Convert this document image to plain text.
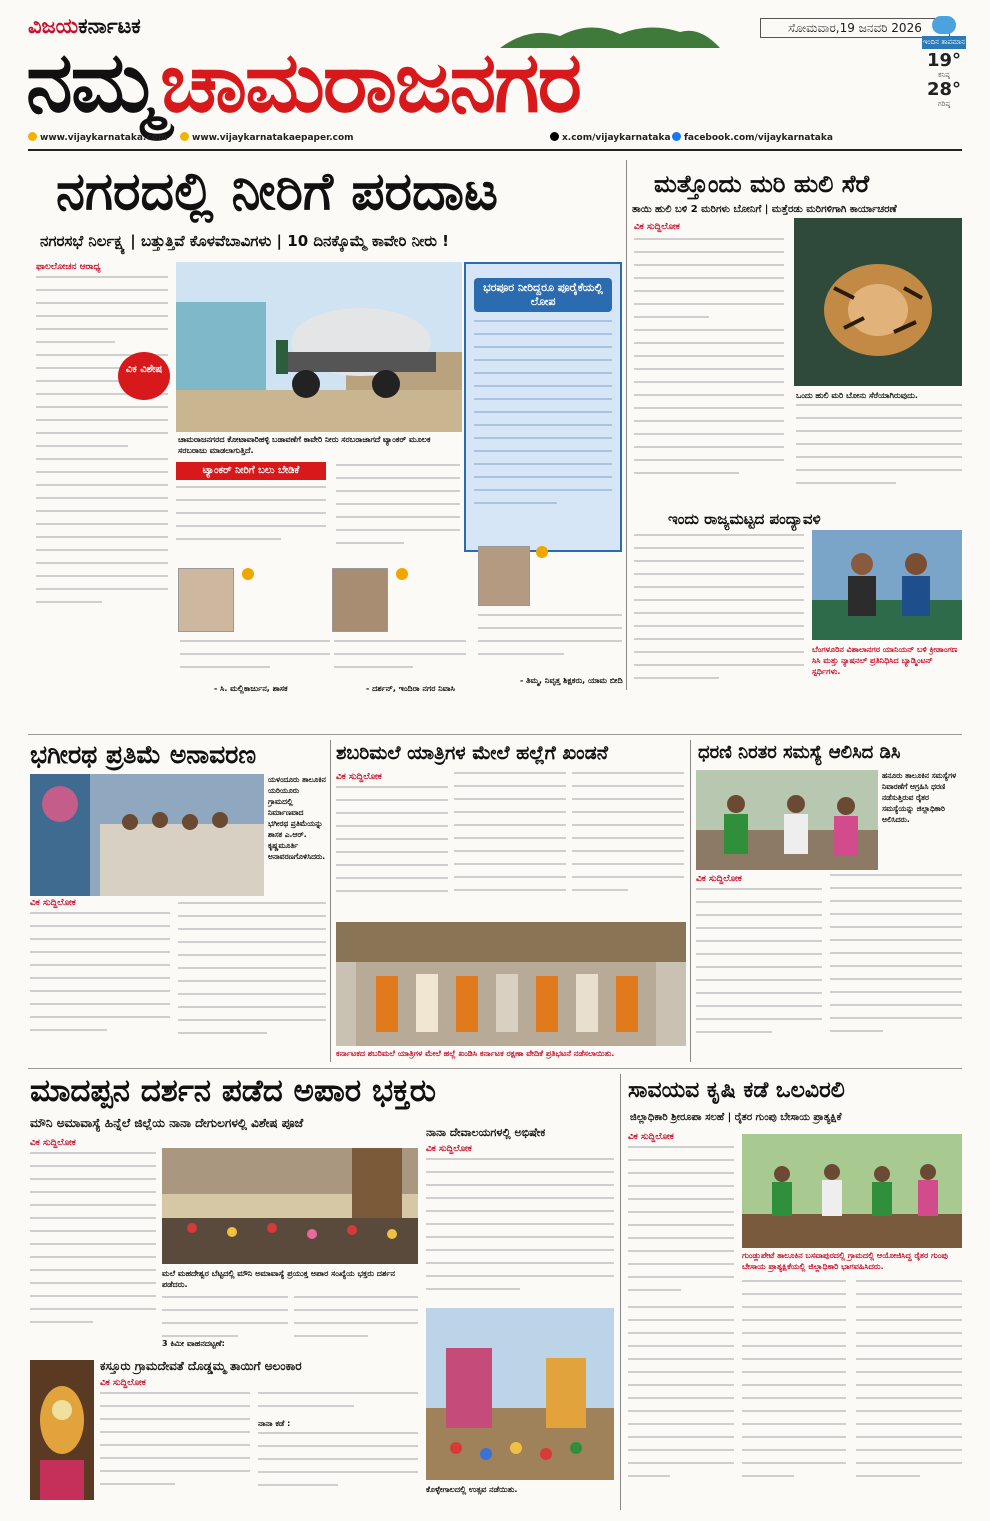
ವಿಜಯಕರ್ನಾಟಕ
ನಮ್ಮಚಾಮರಾಜನಗರ
ಸೋಮವಾರ,19 ಜನವರಿ 2026
ಇಂದಿನ ತಾಪಮಾನ
19°
ಕನಿಷ್ಠ
28°
ಗರಿಷ್ಠ
www.vijaykarnataka.com	www.vijaykarnatakaepaper.com	x.com/vijaykarnataka	facebook.com/vijaykarnataka
ನಗರದಲ್ಲಿ ನೀರಿಗೆ ಪರದಾಟ
ನಗರಸಭೆ ನಿರ್ಲಕ್ಷ್ಯ | ಬತ್ತುತ್ತಿವೆ ಕೊಳವೆಬಾವಿಗಳು | 10 ದಿನಕ್ಕೊಮ್ಮೆ ಕಾವೇರಿ ನೀರು !
ಫಾಲಲೋಚನ ಆರಾಧ್ಯ
ವಿಕ ವಿಶೇಷ
ಚಾಮರಾಜನಗರದ ಕೋಟಾವಾರಿಹಳ್ಳಿ ಬಡಾವಣೆಗೆ ಕಾವೇರಿ ನೀರು ಸರಬರಾಜಾಗದೆ ಟ್ಯಾಂಕರ್ ಮೂಲಕ ಸರಬರಾಜು ಮಾಡಲಾಗುತ್ತಿದೆ.
ಭರಪೂರ ನೀರಿದ್ದರೂ ಪೂರೈಕೆಯಲ್ಲಿ ಲೋಪ
ಟ್ಯಾಂಕರ್ ನೀರಿಗೆ ಬಲು ಬೇಡಿಕೆ
- ಸಿ. ಮಲ್ಲಿಕಾರ್ಜುನ, ಶಾಸಕ	- ದರ್ಶನ್, ಇಂದಿರಾ ನಗರ ನಿವಾಸಿ
- ತಿಮ್ಮ, ನಿವೃತ್ತ ಶಿಕ್ಷಕರು, ಯಾಮ ಬೀದಿ
ಮತ್ತೊಂದು ಮರಿ ಹುಲಿ ಸೆರೆ
ತಾಯಿ ಹುಲಿ ಬಳಿ 2 ಮರಿಗಳು ಬೋನಿಗೆ | ಮತ್ತೆರಡು ಮರಿಗಳಿಗಾಗಿ ಕಾರ್ಯಾಚರಣೆ
ವಿಕ ಸುದ್ದಿಲೋಕ
ಒಂದು ಹುಲಿ ಮರಿ ಬೋನು ಸೆರೆಯಾಗಿರುವುದು.
ಇಂದು ರಾಜ್ಯಮಟ್ಟದ ಪಂದ್ಯಾವಳಿ
ಬೆಂಗಳೂರಿನ ವಿಶಾಲಾನಗರ ಯಾನಿಯನ್ ಬಳಿ ಕ್ರೀಡಾಂಗಣ ಸಿಸಿ ಮತ್ತು ನ್ಯಾಷನಲ್ ಪ್ರತಿನಿಧಿಸಿದ ಬ್ಯಾಡ್ಮಿಂಟನ್ ಸ್ಪರ್ಧಿಗಳು.
ಭಗೀರಥ ಪ್ರತಿಮೆ ಅನಾವರಣ
ಯಳಂದೂರು ತಾಲೂಕಿನ ಯರಿಯೂರು ಗ್ರಾಮದಲ್ಲಿ ನಿರ್ಮಾಣವಾದ ಭಗೀರಥ ಪ್ರತಿಮೆಯನ್ನು ಶಾಸಕ ಎ.ಆರ್. ಕೃಷ್ಣಮೂರ್ತಿ ಅನಾವರಣಗೊಳಿಸಿದರು.
ವಿಕ ಸುದ್ದಿಲೋಕ
ಶಬರಿಮಲೆ ಯಾತ್ರಿಗಳ ಮೇಲೆ ಹಲ್ಲೆಗೆ ಖಂಡನೆ
ವಿಕ ಸುದ್ದಿಲೋಕ
ಕರ್ನಾಟಕದ ಶಬರಿಮಲೆ ಯಾತ್ರಿಗಳ ಮೇಲೆ ಹಲ್ಲೆ ಖಂಡಿಸಿ ಕರ್ನಾಟಕ ರಕ್ಷಣಾ ವೇದಿಕೆ ಪ್ರತಿಭಟನೆ ನಡೆಸಲಾಯಿತು.
ಧರಣಿ ನಿರತರ ಸಮಸ್ಯೆ ಆಲಿಸಿದ ಡಿಸಿ
ಹನೂರು ತಾಲೂಕಿನ ಸಮಸ್ಯೆಗಳ ನಿವಾರಣೆಗೆ ಆಗ್ರಹಿಸಿ ಧರಣಿ ನಡೆಸುತ್ತಿರುವ ರೈತರ ಸಮಸ್ಯೆಯನ್ನು ಜಿಲ್ಲಾಧಿಕಾರಿ ಆಲಿಸಿದರು.
ವಿಕ ಸುದ್ದಿಲೋಕ
ಮಾದಪ್ಪನ ದರ್ಶನ ಪಡೆದ ಅಪಾರ ಭಕ್ತರು
ಮೌನಿ ಅಮಾವಾಸ್ಯೆ ಹಿನ್ನೆಲೆ ಜಿಲ್ಲೆಯ ನಾನಾ ದೇಗುಲಗಳಲ್ಲಿ ವಿಶೇಷ ಪೂಜೆ
ವಿಕ ಸುದ್ದಿಲೋಕ
ಮಲೆ ಮಹದೇಶ್ವರ ಬೆಟ್ಟದಲ್ಲಿ ಮೌನಿ ಅಮಾವಾಸ್ಯೆ ಪ್ರಯುಕ್ತ ಅಪಾರ ಸಂಖ್ಯೆಯ ಭಕ್ತರು ದರ್ಶನ ಪಡೆದರು.
3 ಕಿಮೀ ವಾಹನದಟ್ಟಣೆ:
ನಾನಾ ದೇವಾಲಯಗಳಲ್ಲಿ ಅಭಿಷೇಕ
ವಿಕ ಸುದ್ದಿಲೋಕ
ಕೊಳ್ಳೇಗಾಲದಲ್ಲಿ ಉತ್ಸವ ನಡೆಯಿತು.
ಕಸ್ತೂರು ಗ್ರಾಮದೇವತೆ ದೊಡ್ಡಮ್ಮ ತಾಯಿಗೆ ಅಲಂಕಾರ
ವಿಕ ಸುದ್ದಿಲೋಕ
ನಾನಾ ಕಡೆ :
ಸಾವಯವ ಕೃಷಿ ಕಡೆ ಒಲವಿರಲಿ
ಜಿಲ್ಲಾಧಿಕಾರಿ ಶ್ರೀರೂಪಾ ಸಲಹೆ | ರೈತರ ಗುಂಪು ಬೇಸಾಯ ಪ್ರಾತ್ಯಕ್ಷಿಕೆ
ವಿಕ ಸುದ್ದಿಲೋಕ
ಗುಂಡ್ಲುಪೇಟೆ ತಾಲೂಕಿನ ಬಸವಾಪುರದಲ್ಲಿ ಗ್ರಾಮದಲ್ಲಿ ಆಯೋಜಿಸಿದ್ದ ರೈತರ ಗುಂಪು ಬೇಸಾಯ ಪ್ರಾತ್ಯಕ್ಷಿಕೆಯಲ್ಲಿ ಜಿಲ್ಲಾಧಿಕಾರಿ ಭಾಗವಹಿಸಿದರು.
